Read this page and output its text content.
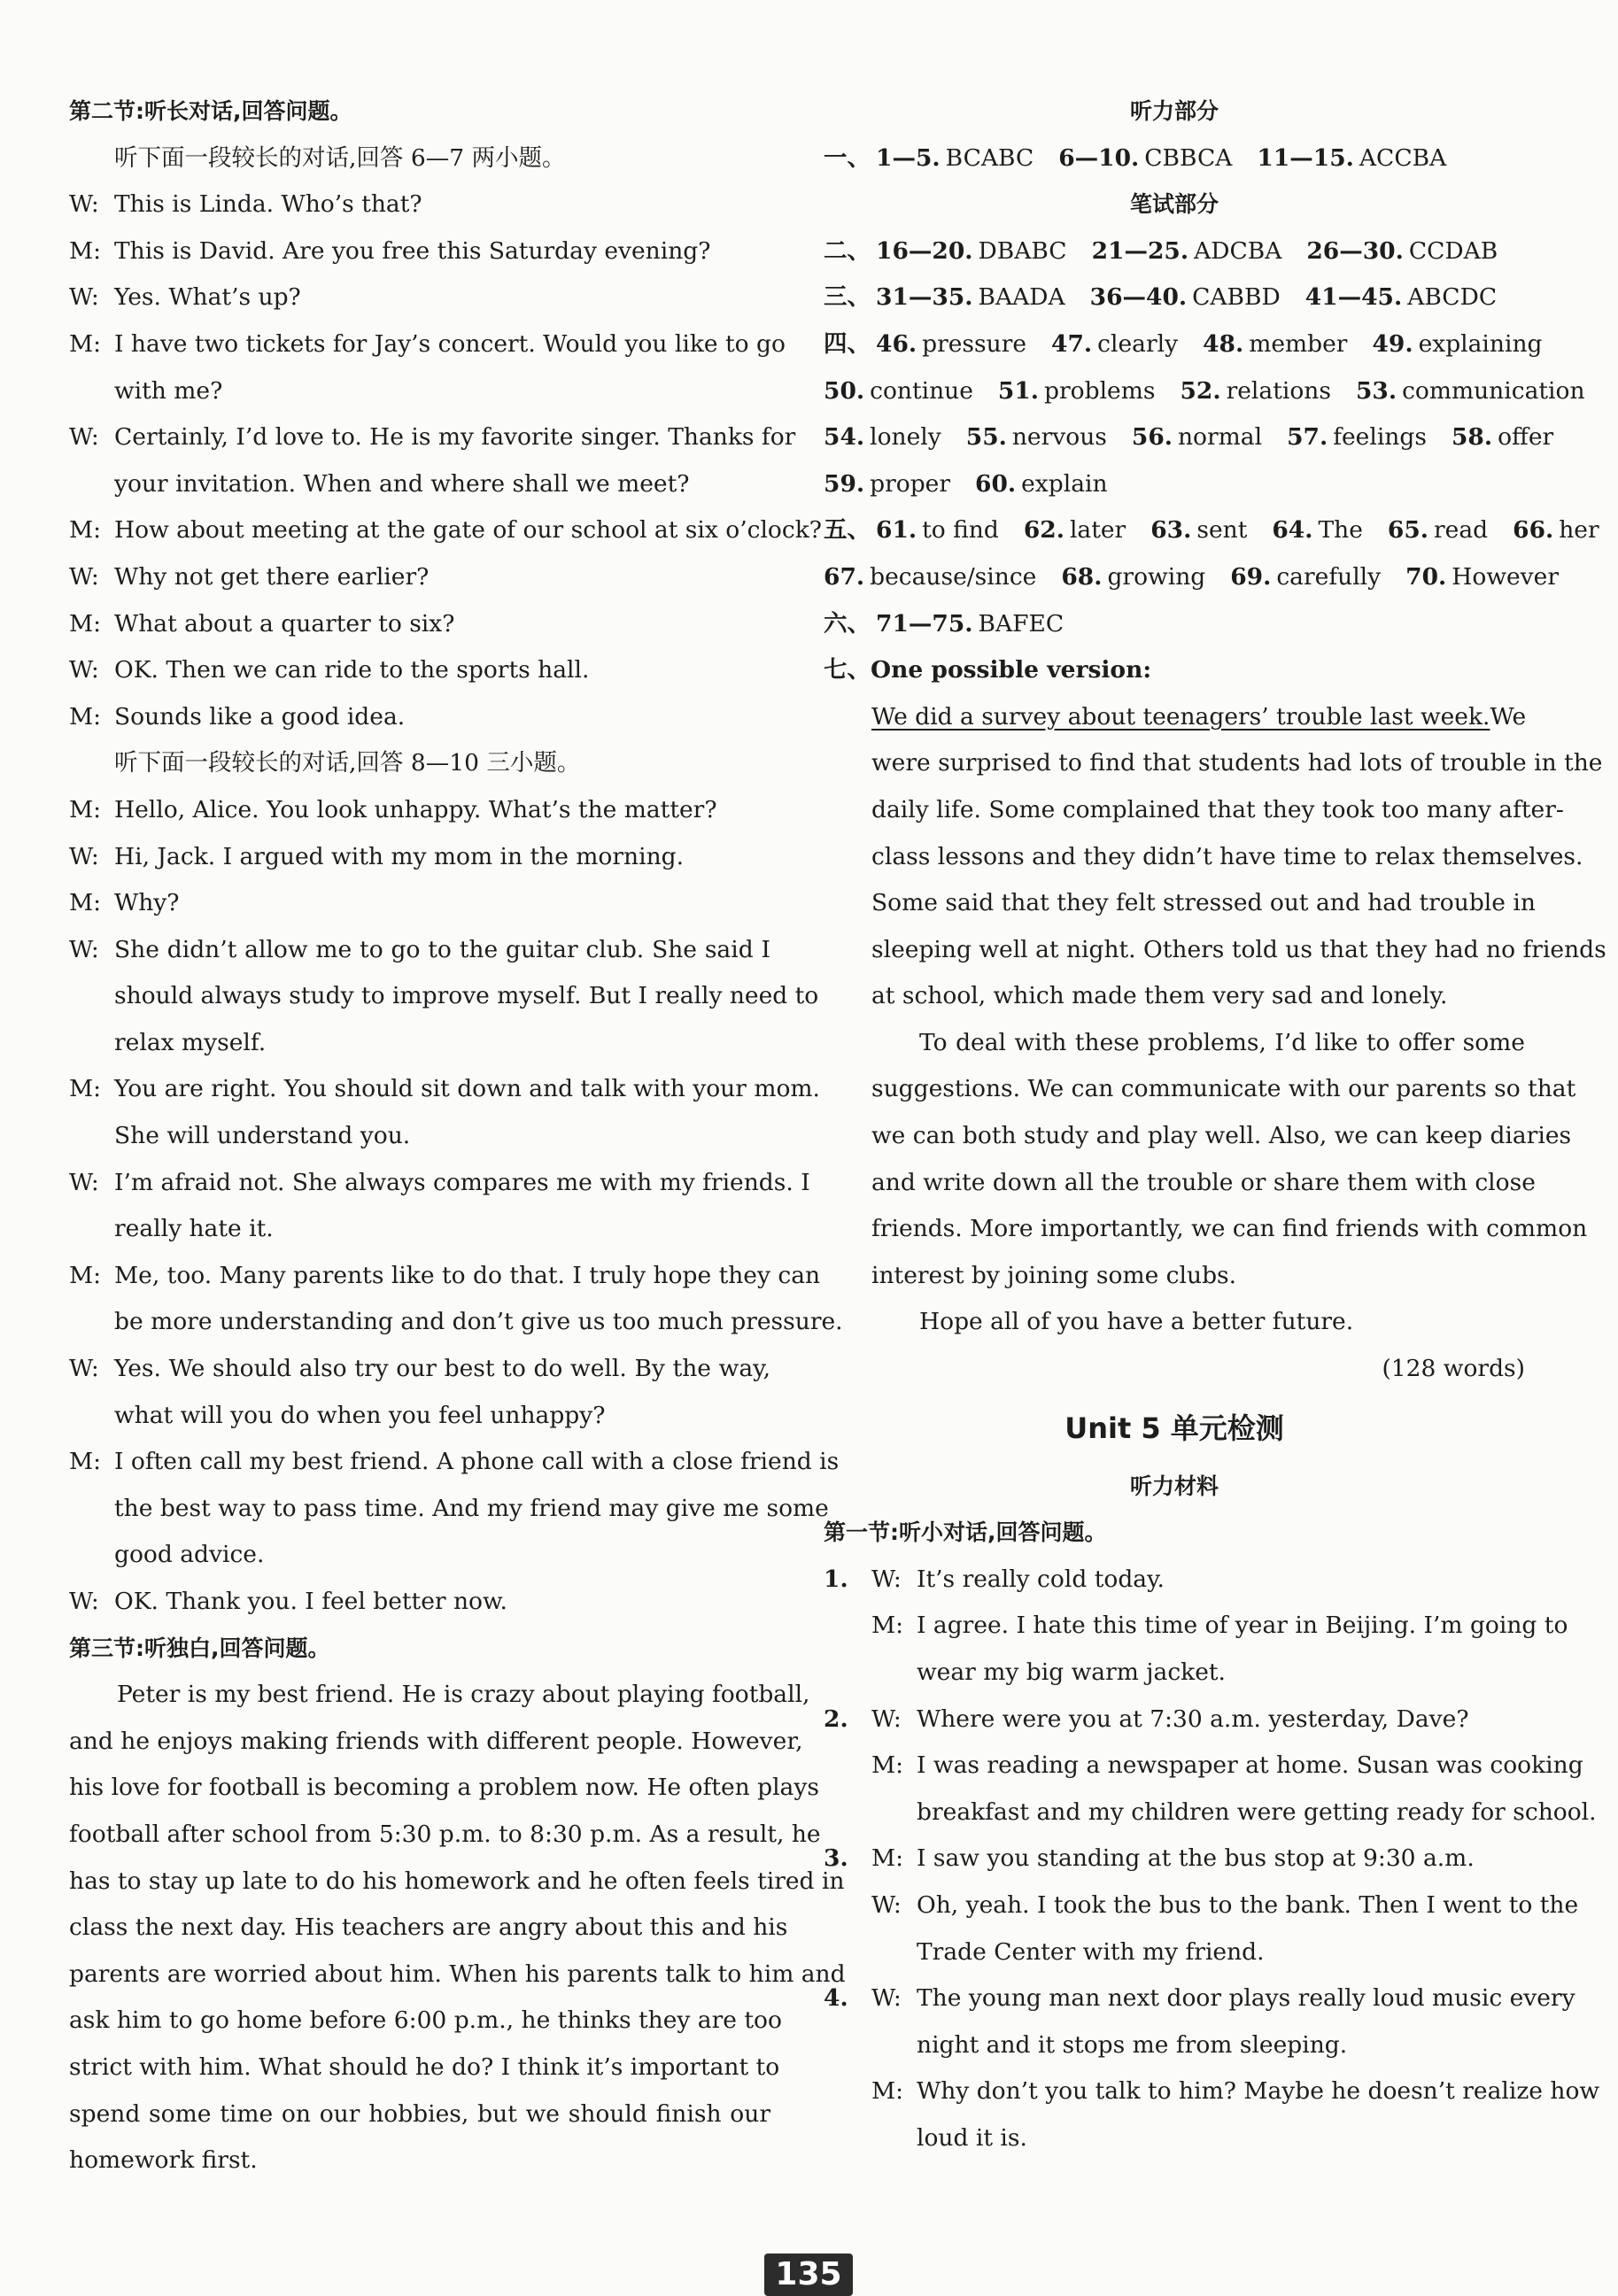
第二节:听长对话,回答问题。
听下面一段较长的对话,回答 6—7 两小题。
W: This is Linda. Who’s that?
M: This is David. Are you free this Saturday evening?
W: Yes. What’s up?
M: I have two tickets for Jay’s concert. Would you like to go
with me?
W: Certainly, I’d love to. He is my favorite singer. Thanks for
your invitation. When and where shall we meet?
M: How about meeting at the gate of our school at six o’clock?
W: Why not get there earlier?
M: What about a quarter to six?
W: OK. Then we can ride to the sports hall.
M: Sounds like a good idea.
听下面一段较长的对话,回答 8—10 三小题。
M: Hello, Alice. You look unhappy. What’s the matter?
W: Hi, Jack. I argued with my mom in the morning.
M: Why?
W: She didn’t allow me to go to the guitar club. She said I
should always study to improve myself. But I really need to
relax myself.
M: You are right. You should sit down and talk with your mom.
She will understand you.
W: I’m afraid not. She always compares me with my friends. I
really hate it.
M: Me, too. Many parents like to do that. I truly hope they can
be more understanding and don’t give us too much pressure.
W: Yes. We should also try our best to do well. By the way,
what will you do when you feel unhappy?
M: I often call my best friend. A phone call with a close friend is
the best way to pass time. And my friend may give me some
good advice.
W: OK. Thank you. I feel better now.
第三节:听独白,回答问题。
Peter is my best friend. He is crazy about playing football,
and he enjoys making friends with different people. However,
his love for football is becoming a problem now. He often plays
football after school from 5:30 p.m. to 8:30 p.m. As a result, he
has to stay up late to do his homework and he often feels tired in
class the next day. His teachers are angry about this and his
parents are worried about him. When his parents talk to him and
ask him to go home before 6:00 p.m., he thinks they are too
strict with him. What should he do? I think it’s important to
spend some time on our hobbies, but we should finish our
homework first.
听力部分
一、 1—5. BCABC 6—10. CBBCA 11—15. ACCBA
笔试部分
二、 16—20. DBABC 21—25. ADCBA 26—30. CCDAB
三、 31—35. BAADA 36—40. CABBD 41—45. ABCDC
四、 46. pressure 47. clearly 48. member 49. explaining
50. continue 51. problems 52. relations 53. communication
54. lonely 55. nervous 56. normal 57. feelings 58. offer
59. proper 60. explain
五、 61. to find 62. later 63. sent 64. The 65. read 66. her
67. because/since 68. growing 69. carefully 70. However
六、 71—75. BAFEC
七、One possible version:
We did a survey about teenagers’ trouble last week.We
were surprised to find that students had lots of trouble in the
daily life. Some complained that they took too many after-
class lessons and they didn’t have time to relax themselves.
Some said that they felt stressed out and had trouble in
sleeping well at night. Others told us that they had no friends
at school, which made them very sad and lonely.
To deal with these problems, I’d like to offer some
suggestions. We can communicate with our parents so that
we can both study and play well. Also, we can keep diaries
and write down all the trouble or share them with close
friends. More importantly, we can find friends with common
interest by joining some clubs.
Hope all of you have a better future.
(128 words)
Unit 5 单元检测
听力材料
第一节:听小对话,回答问题。
1. W: It’s really cold today.
M: I agree. I hate this time of year in Beijing. I’m going to
wear my big warm jacket.
2. W: Where were you at 7:30 a.m. yesterday, Dave?
M: I was reading a newspaper at home. Susan was cooking
breakfast and my children were getting ready for school.
3. M: I saw you standing at the bus stop at 9:30 a.m.
W: Oh, yeah. I took the bus to the bank. Then I went to the
Trade Center with my friend.
4. W: The young man next door plays really loud music every
night and it stops me from sleeping.
M: Why don’t you talk to him? Maybe he doesn’t realize how
loud it is.
135
